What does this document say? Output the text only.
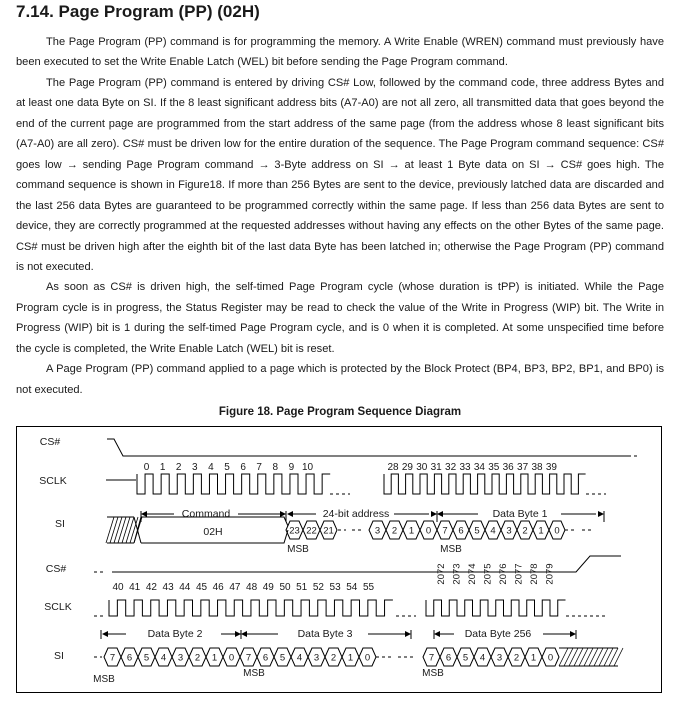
7.14. Page Program (PP) (02H)

The Page Program (PP) command is for programming the memory. A Write Enable (WREN) command must previously have been executed to set the Write Enable Latch (WEL) bit before sending the Page Program command.

The Page Program (PP) command is entered by driving CS# Low, followed by the command code, three address Bytes and at least one data Byte on SI. If the 8 least significant address bits (A7-A0) are not all zero, all transmitted data that goes beyond the end of the current page are programmed from the start address of the same page (from the address whose 8 least significant bits (A7-A0) are all zero). CS# must be driven low for the entire duration of the sequence. The Page Program command sequence: CS# goes low → sending Page Program command → 3-Byte address on SI → at least 1 Byte data on SI → CS# goes high. The command sequence is shown in Figure18. If more than 256 Bytes are sent to the device, previously latched data are discarded and the last 256 data Bytes are guaranteed to be programmed correctly within the same page. If less than 256 data Bytes are sent to device, they are correctly programmed at the requested addresses without having any effects on the other Bytes of the same page. CS# must be driven high after the eighth bit of the last data Byte has been latched in; otherwise the Page Program (PP) command is not executed.

As soon as CS# is driven high, the self-timed Page Program cycle (whose duration is tPP) is initiated. While the Page Program cycle is in progress, the Status Register may be read to check the value of the Write in Progress (WIP) bit. The Write in Progress (WIP) bit is 1 during the self-timed Page Program cycle, and is 0 when it is completed. At some unspecified time before the cycle is completed, the Write Enable Latch (WEL) bit is reset.

A Page Program (PP) command applied to a page which is protected by the Block Protect (BP4, BP3, BP2, BP1, and BP0) is not executed.

Figure 18. Page Program Sequence Diagram
CS#
0 1 2 3 4 5 6 7 8 9 10	28 29 30 31 32 33 34 35 36 37 38 39
SCLK
SI
02H
Command
23 22 21	3 2 1 0
MSB
24-bit address
7 6 5 4 3 2 1 0
MSB
Data Byte 1
CS#
40 41 42 43 44 45 46 47 48 49 50 51 52 53 54 55
2072 2073 2074 2075 2076 2077 2078 2079
SCLK
Data Byte 2	Data Byte 3	Data Byte 256
SI	7 6 5 4 3 2 1 0 7 6 5 4 3 2 1 0	7 6 5 4 3 2 1 0
MSB
MSB	MSB
